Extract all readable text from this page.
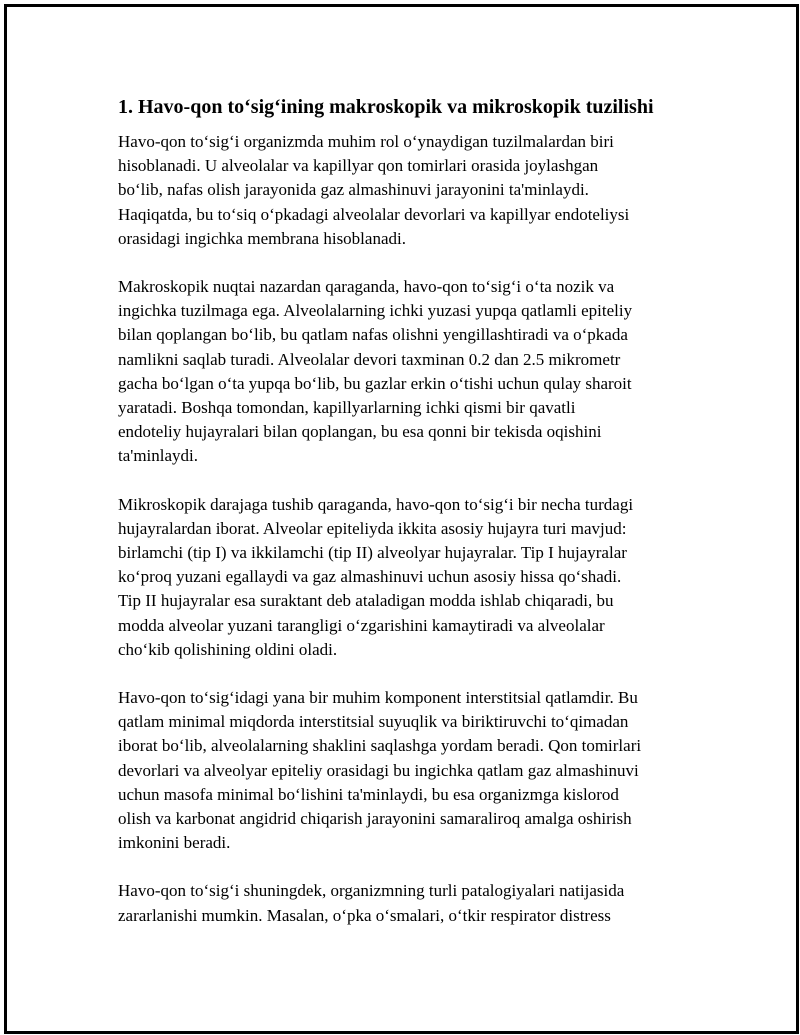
1. Havo-qon to‘sig‘ining makroskopik va mikroskopik tuzilishi

Havo-qon to‘sig‘i organizmda muhim rol o‘ynaydigan tuzilmalardan biri
hisoblanadi. U alveolalar va kapillyar qon tomirlari orasida joylashgan
bo‘lib, nafas olish jarayonida gaz almashinuvi jarayonini ta'minlaydi.
Haqiqatda, bu to‘siq o‘pkadagi alveolalar devorlari va kapillyar endoteliysi
orasidagi ingichka membrana hisoblanadi.

Makroskopik nuqtai nazardan qaraganda, havo-qon to‘sig‘i o‘ta nozik va
ingichka tuzilmaga ega. Alveolalarning ichki yuzasi yupqa qatlamli epiteliy
bilan qoplangan bo‘lib, bu qatlam nafas olishni yengillashtiradi va o‘pkada
namlikni saqlab turadi. Alveolalar devori taxminan 0.2 dan 2.5 mikrometr
gacha bo‘lgan o‘ta yupqa bo‘lib, bu gazlar erkin o‘tishi uchun qulay sharoit
yaratadi. Boshqa tomondan, kapillyarlarning ichki qismi bir qavatli
endoteliy hujayralari bilan qoplangan, bu esa qonni bir tekisda oqishini
ta'minlaydi.

Mikroskopik darajaga tushib qaraganda, havo-qon to‘sig‘i bir necha turdagi
hujayralardan iborat. Alveolar epiteliyda ikkita asosiy hujayra turi mavjud:
birlamchi (tip I) va ikkilamchi (tip II) alveolyar hujayralar. Tip I hujayralar
ko‘proq yuzani egallaydi va gaz almashinuvi uchun asosiy hissa qo‘shadi.
Tip II hujayralar esa suraktant deb ataladigan modda ishlab chiqaradi, bu
modda alveolar yuzani tarangligi o‘zgarishini kamaytiradi va alveolalar
cho‘kib qolishining oldini oladi.

Havo-qon to‘sig‘idagi yana bir muhim komponent interstitsial qatlamdir. Bu
qatlam minimal miqdorda interstitsial suyuqlik va biriktiruvchi to‘qimadan
iborat bo‘lib, alveolalarning shaklini saqlashga yordam beradi. Qon tomirlari
devorlari va alveolyar epiteliy orasidagi bu ingichka qatlam gaz almashinuvi
uchun masofa minimal bo‘lishini ta'minlaydi, bu esa organizmga kislorod
olish va karbonat angidrid chiqarish jarayonini samaraliroq amalga oshirish
imkonini beradi.

Havo-qon to‘sig‘i shuningdek, organizmning turli patalogiyalari natijasida
zararlanishi mumkin. Masalan, o‘pka o‘smalari, o‘tkir respirator distress
